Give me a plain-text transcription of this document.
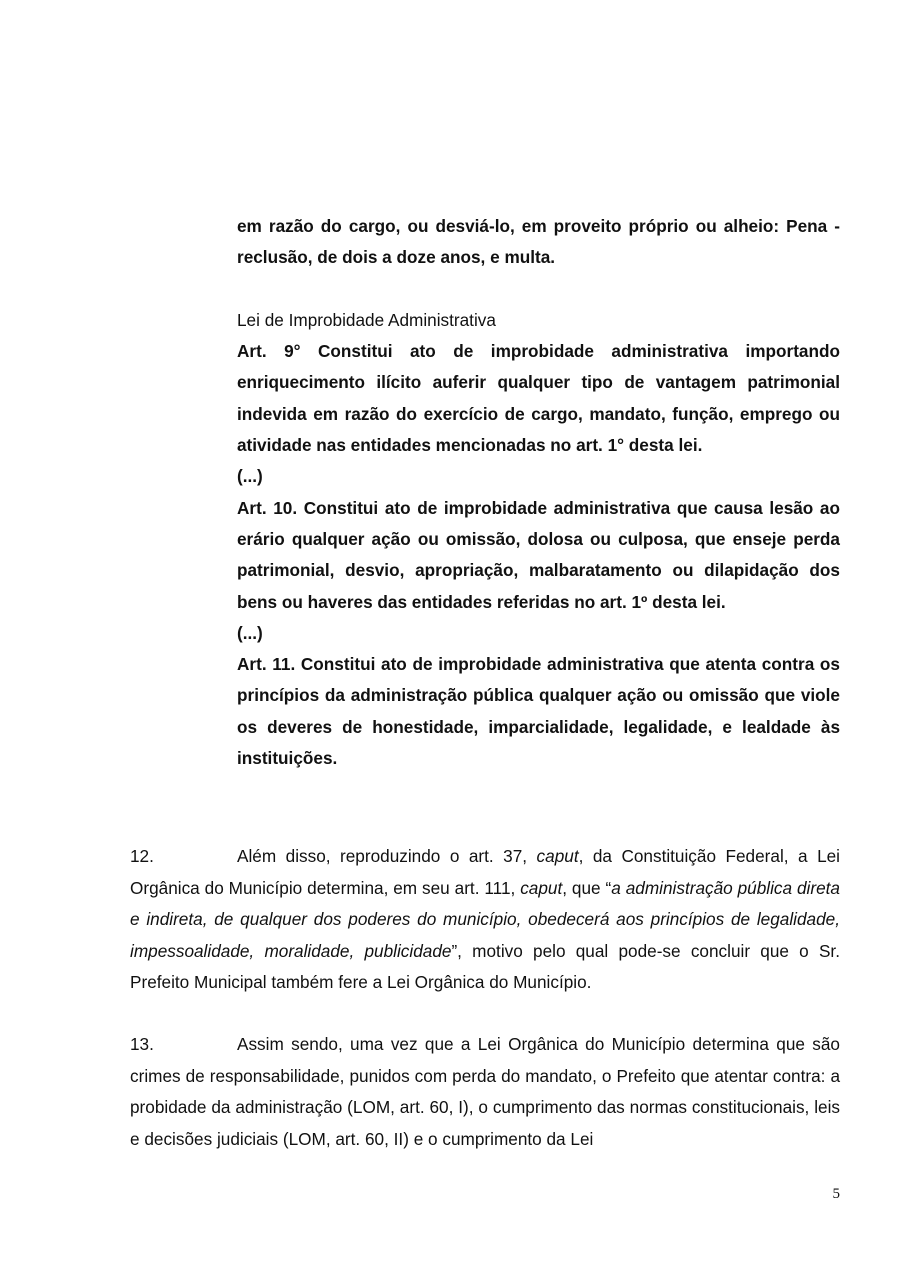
em razão do cargo, ou desviá-lo, em proveito próprio ou alheio: Pena - reclusão, de dois a doze anos, e multa.

Lei de Improbidade Administrativa

Art. 9° Constitui ato de improbidade administrativa importando enriquecimento ilícito auferir qualquer tipo de vantagem patrimonial indevida em razão do exercício de cargo, mandato, função, emprego ou atividade nas entidades mencionadas no art. 1° desta lei.

(...)

Art. 10. Constitui ato de improbidade administrativa que causa lesão ao erário qualquer ação ou omissão, dolosa ou culposa, que enseje perda patrimonial, desvio, apropriação, malbaratamento ou dilapidação dos bens ou haveres das entidades referidas no art. 1º desta lei.

(...)

Art. 11. Constitui ato de improbidade administrativa que atenta contra os princípios da administração pública qualquer ação ou omissão que viole os deveres de honestidade, imparcialidade, legalidade, e lealdade às instituições.

12.	Além disso, reproduzindo o art. 37, caput, da Constituição Federal, a Lei Orgânica do Município determina, em seu art. 111, caput, que “a administração pública direta e indireta, de qualquer dos poderes do município, obedecerá aos princípios de legalidade, impessoalidade, moralidade, publicidade”, motivo pelo qual pode-se concluir que o Sr. Prefeito Municipal também fere a Lei Orgânica do Município.

13.	Assim sendo, uma vez que a Lei Orgânica do Município determina que são crimes de responsabilidade, punidos com perda do mandato, o Prefeito que atentar contra: a probidade da administração (LOM, art. 60, I), o cumprimento das normas constitucionais, leis e decisões judiciais (LOM, art. 60, II) e o cumprimento da Lei

5
